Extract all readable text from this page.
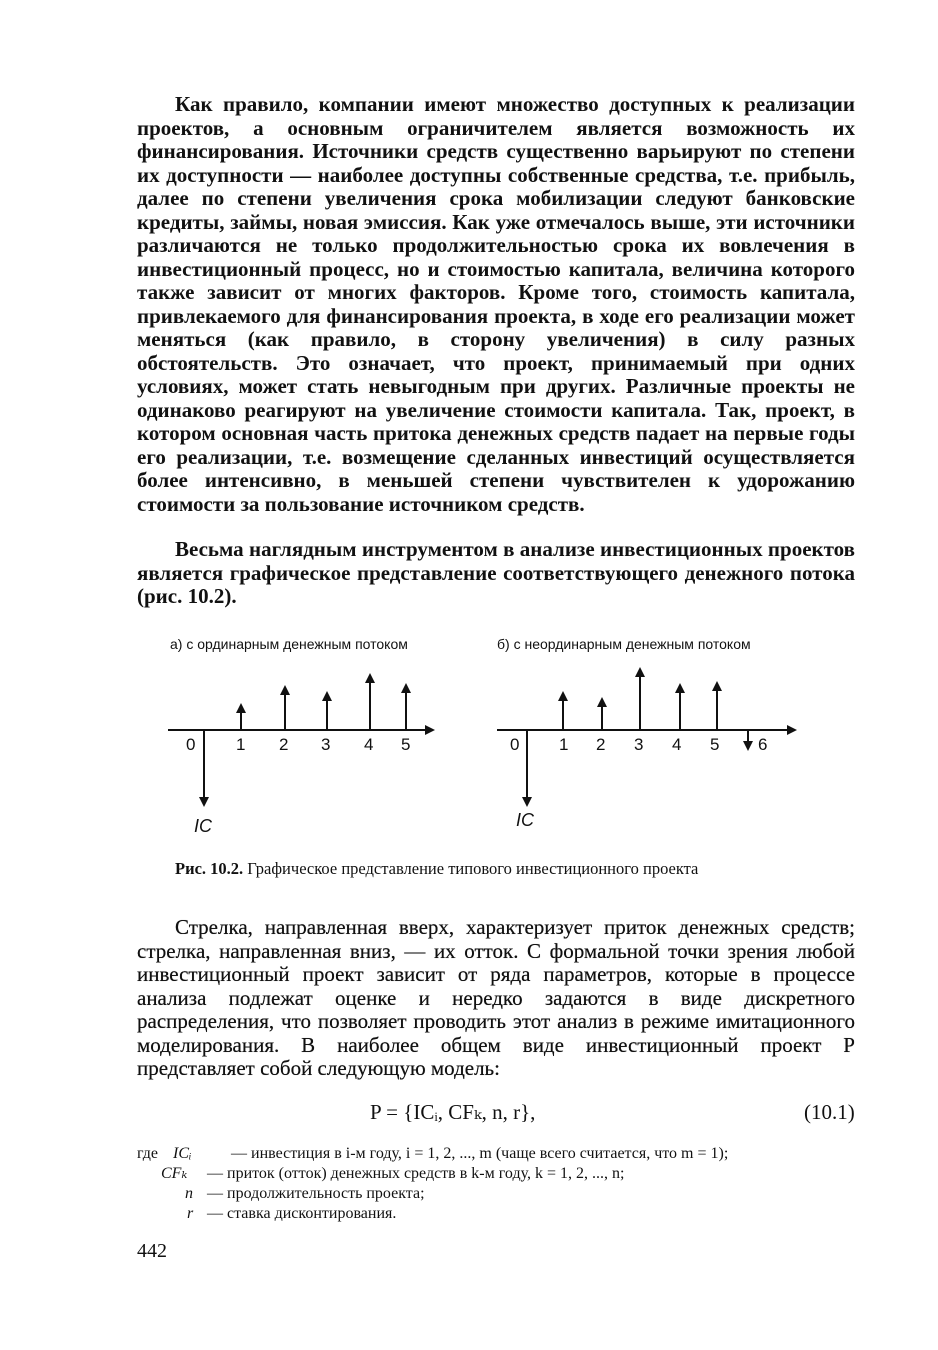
Как правило, компании имеют множество доступных к реализации проектов, а основным ограничителем является возможность их финансирования. Источники средств существенно варьируют по степени их доступности — наиболее доступны собственные средства, т.е. прибыль, далее по степени увеличения срока мобилизации следуют банковские кредиты, займы, новая эмиссия. Как уже отмечалось выше, эти источники различаются не только продолжительностью срока их вовлечения в инвестиционный процесс, но и стоимостью капитала, величина которого также зависит от многих факторов. Кроме того, стоимость капитала, привлекаемого для финансирования проекта, в ходе его реализации может меняться (как правило, в сторону увеличения) в силу разных обстоятельств. Это означает, что проект, принимаемый при одних условиях, может стать невыгодным при других. Различные проекты не одинаково реагируют на увеличение стоимости капитала. Так, проект, в котором основная часть притока денежных средств падает на первые годы его реализации, т.е. возмещение сделанных инвестиций осуществляется более интенсивно, в меньшей степени чувствителен к удорожанию стоимости за пользование источником средств.

Весьма наглядным инструментом в анализе инвестиционных проектов является графическое представление соответствующего денежного потока (рис. 10.2).

а) с ординарным денежным потоком	б) с неординарным денежным потоком

0 1 2 3 4 5
IC
0 1 2 3 4 5 6
IC

Рис. 10.2. Графическое представление типового инвестиционного проекта

Стрелка, направленная вверх, характеризует приток денежных средств; стрелка, направленная вниз, — их отток. С формальной точки зрения любой инвестиционный проект зависит от ряда параметров, которые в процессе анализа подлежат оценке и нередко задаются в виде дискретного распределения, что позволяет проводить этот анализ в режиме имитационного моделирования. В наиболее общем виде инвестиционный проект P представляет собой следующую модель:

P = {ICᵢ, CFₖ, n, r},	(10.1)

где ICᵢ — инвестиция в i-м году, i = 1, 2, ..., m (чаще всего считается, что m = 1);
CFₖ — приток (отток) денежных средств в k-м году, k = 1, 2, ..., n;
n — продолжительность проекта;
r — ставка дисконтирования.

442
